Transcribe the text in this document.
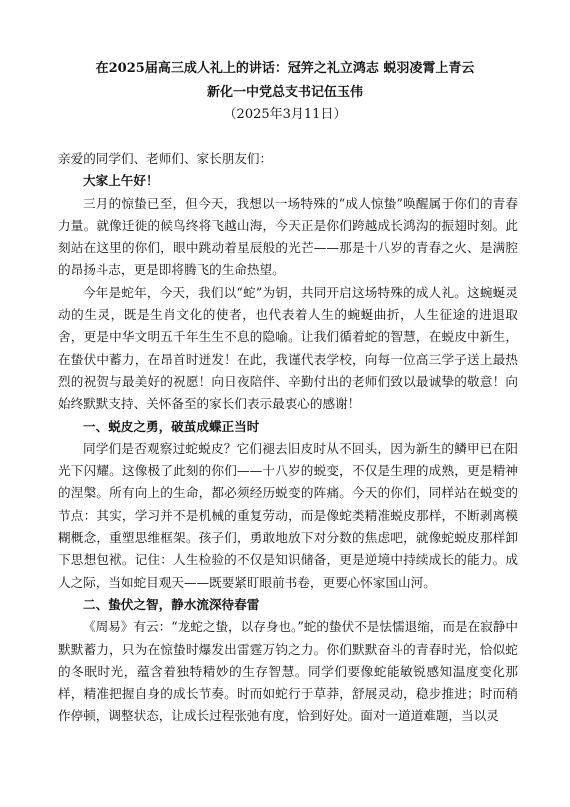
在2025届高三成人礼上的讲话：冠笄之礼立鸿志 蜕羽凌霄上青云
新化一中党总支书记伍玉伟
（2025年3月11日）

亲爱的同学们、老师们、家长朋友们：

大家上午好！

三月的惊蛰已至，但今天，我想以一场特殊的“成人惊蛰”唤醒属于你们的青春力量。就像迁徙的候鸟终将飞越山海，今天正是你们跨越成长鸿沟的振翅时刻。此刻站在这里的你们，眼中跳动着星辰般的光芒——那是十八岁的青春之火、是满腔的昂扬斗志，更是即将腾飞的生命热望。

今年是蛇年，今天，我们以“蛇”为钥，共同开启这场特殊的成人礼。这蜿蜒灵动的生灵，既是生肖文化的使者，也代表着人生的蜿蜒曲折，人生征途的进退取舍，更是中华文明五千年生生不息的隐喻。让我们循着蛇的智慧，在蜕皮中新生，在蛰伏中蓄力，在昂首时迸发！在此，我谨代表学校，向每一位高三学子送上最热烈的祝贺与最美好的祝愿！向日夜陪伴、辛勤付出的老师们致以最诚挚的敬意！向始终默默支持、关怀备至的家长们表示最衷心的感谢！

一、蜕皮之勇，破茧成蝶正当时

同学们是否观察过蛇蜕皮？它们褪去旧皮时从不回头，因为新生的鳞甲已在阳光下闪耀。这像极了此刻的你们——十八岁的蜕变，不仅是生理的成熟，更是精神的涅槃。所有向上的生命，都必须经历蜕变的阵痛。今天的你们，同样站在蜕变的节点：其实，学习并不是机械的重复劳动，而是像蛇类精准蜕皮那样，不断剥离模糊概念，重塑思维框架。孩子们，勇敢地放下对分数的焦虑吧，就像蛇蜕皮那样卸下思想包袱。记住：人生检验的不仅是知识储备，更是逆境中持续成长的能力。成人之际，当如蛇目观天——既要紧盯眼前书卷，更要心怀家国山河。

二、蛰伏之智，静水流深待春雷

《周易》有云：“龙蛇之蛰，以存身也。”蛇的蛰伏不是怯懦退缩，而是在寂静中默默蓄力，只为在惊蛰时爆发出雷霆万钧之力。你们默默奋斗的青春时光，恰似蛇的冬眠时光，蕴含着独特精妙的生存智慧。同学们要像蛇能敏锐感知温度变化那样，精准把握自身的成长节奏。时而如蛇行于草莽，舒展灵动，稳步推进；时而稍作停顿，调整状态，让成长过程张弛有度，恰到好处。面对一道道难题，当以灵
